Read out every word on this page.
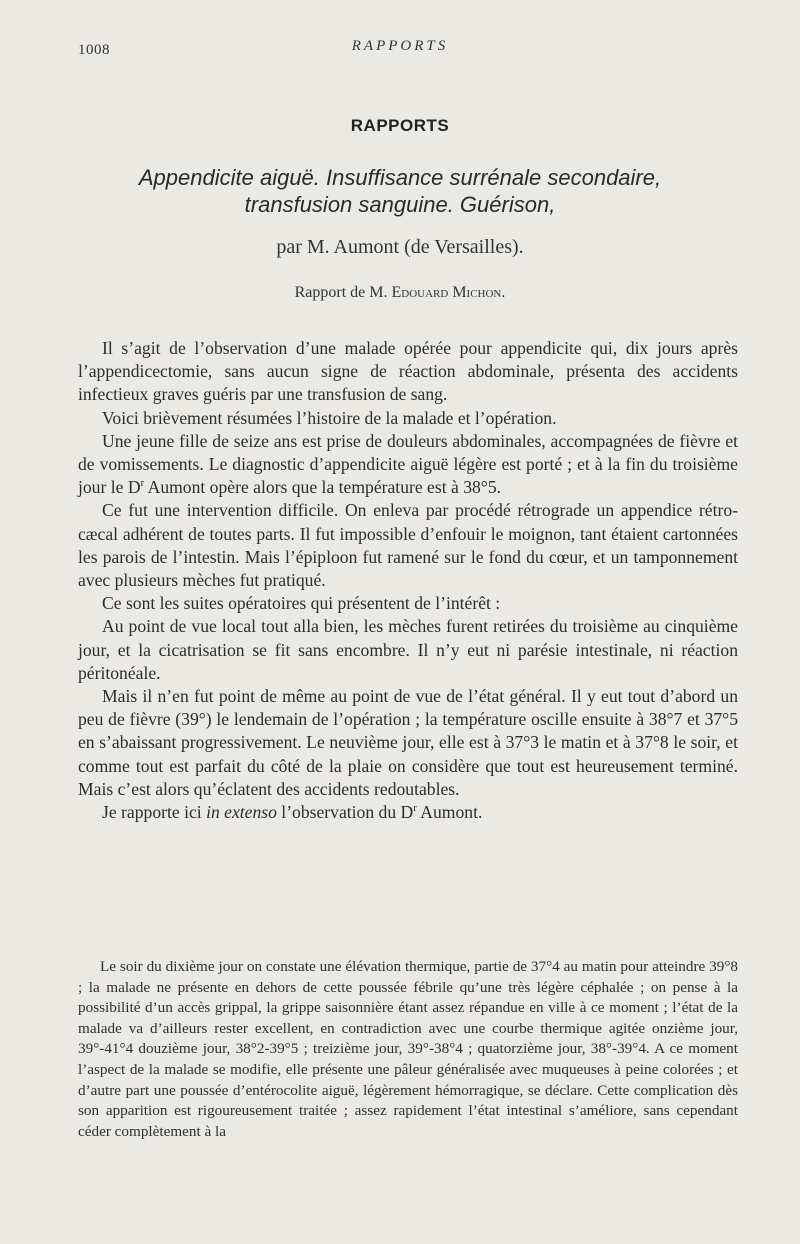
1008	RAPPORTS
RAPPORTS
Appendicite aiguë. Insuffisance surrénale secondaire,
transfusion sanguine. Guérison,
par M. Aumont (de Versailles).
Rapport de M. Edouard Michon.

Il s’agit de l’observation d’une malade opérée pour appendicite qui, dix jours après l’appendicectomie, sans aucun signe de réaction abdominale, présenta des accidents infectieux graves guéris par une transfusion de sang.

Voici brièvement résumées l’histoire de la malade et l’opération.

Une jeune fille de seize ans est prise de douleurs abdominales, accompagnées de fièvre et de vomissements. Le diagnostic d’appendicite aiguë légère est porté ; et à la fin du troisième jour le $D^r$ Aumont opère alors que la température est à 38°5.

Ce fut une intervention difficile. On enleva par procédé rétrograde un appendice rétro-cæcal adhérent de toutes parts. Il fut impossible d’enfouir le moignon, tant étaient cartonnées les parois de l’intestin. Mais l’épiploon fut ramené sur le fond du cœur, et un tamponnement avec plusieurs mèches fut pratiqué.

Ce sont les suites opératoires qui présentent de l’intérêt :

Au point de vue local tout alla bien, les mèches furent retirées du troisième au cinquième jour, et la cicatrisation se fit sans encombre. Il n’y eut ni parésie intestinale, ni réaction péritonéale.

Mais il n’en fut point de même au point de vue de l’état général. Il y eut tout d’abord un peu de fièvre (39°) le lendemain de l’opération ; la température oscille ensuite à 38°7 et 37°5 en s’abaissant progressivement. Le neuvième jour, elle est à 37°3 le matin et à 37°8 le soir, et comme tout est parfait du côté de la plaie on considère que tout est heureusement terminé. Mais c’est alors qu’éclatent des accidents redoutables.

Je rapporte ici in extenso l’observation du $D^r$ Aumont.

Le soir du dixième jour on constate une élévation thermique, partie de 37°4 au matin pour atteindre 39°8 ; la malade ne présente en dehors de cette poussée fébrile qu’une très légère céphalée ; on pense à la possibilité d’un accès grippal, la grippe saisonnière étant assez répandue en ville à ce moment ; l’état de la malade va d’ailleurs rester excellent, en contradiction avec une courbe thermique agitée onzième jour, 39°-41°4 douzième jour, 38°2-39°5 ; treizième jour, 39°-38°4 ; quatorzième jour, 38°-39°4. A ce moment l’aspect de la malade se modifie, elle présente une pâleur généralisée avec muqueuses à peine colorées ; et d’autre part une poussée d’entérocolite aiguë, légèrement hémorragique, se déclare. Cette complication dès son apparition est rigoureusement traitée ; assez rapidement l’état intestinal s’améliore, sans cependant céder complètement à la
